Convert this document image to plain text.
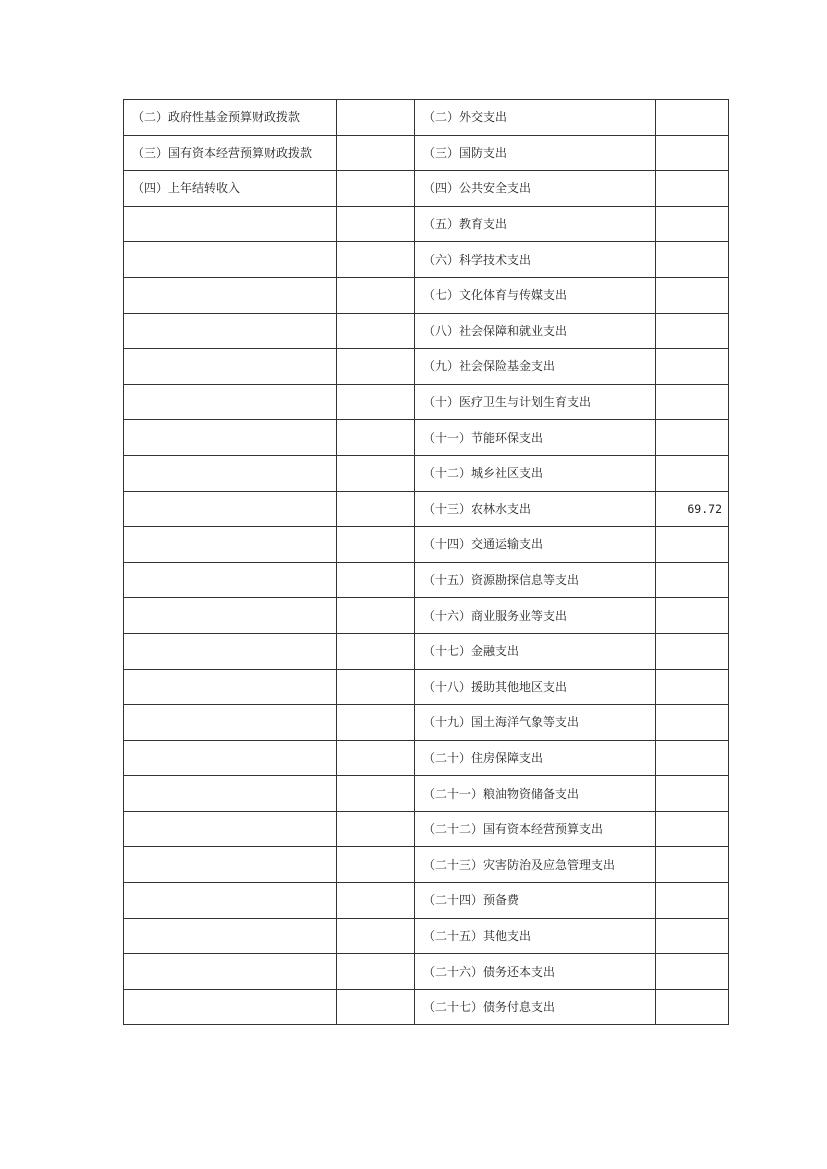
（二）政府性基金预算财政拨款		（二）外交支出	
（三）国有资本经营预算财政拨款		（三）国防支出	
（四）上年结转收入		（四）公共安全支出	
		（五）教育支出	
		（六）科学技术支出	
		（七）文化体育与传媒支出	
		（八）社会保障和就业支出	
		（九）社会保险基金支出	
		（十）医疗卫生与计划生育支出	
		（十一）节能环保支出	
		（十二）城乡社区支出	
		（十三）农林水支出	69.72
		（十四）交通运输支出	
		（十五）资源勘探信息等支出	
		（十六）商业服务业等支出	
		（十七）金融支出	
		（十八）援助其他地区支出	
		（十九）国土海洋气象等支出	
		（二十）住房保障支出	
		（二十一）粮油物资储备支出	
		（二十二）国有资本经营预算支出	
		（二十三）灾害防治及应急管理支出	
		（二十四）预备费	
		（二十五）其他支出	
		（二十六）债务还本支出	
		（二十七）债务付息支出	
